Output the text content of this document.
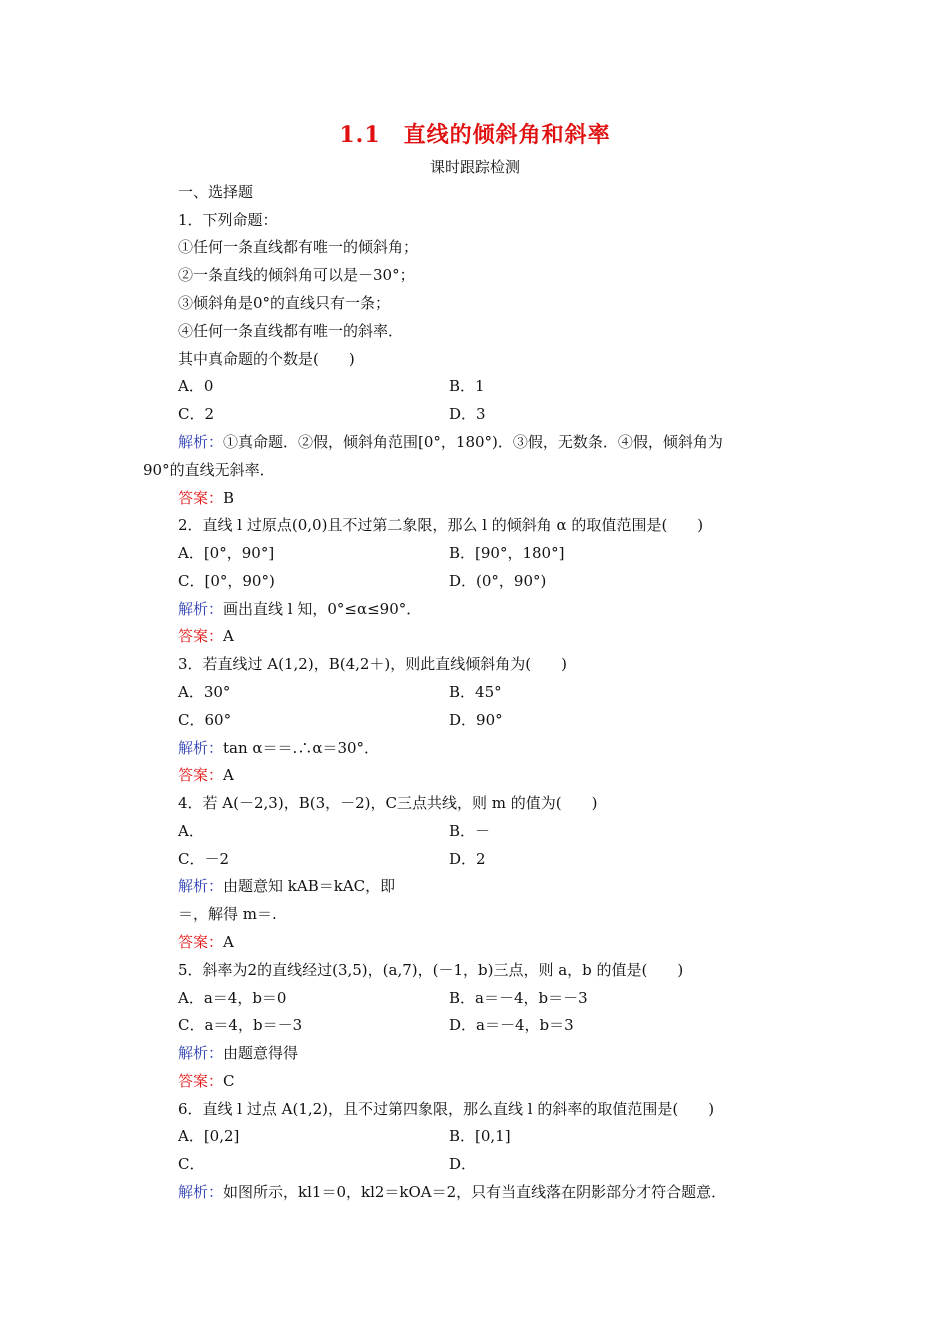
1.1　直线的倾斜角和斜率
课时跟踪检测
一、选择题
1．下列命题：
①任何一条直线都有唯一的倾斜角；
②一条直线的倾斜角可以是－30°；
③倾斜角是0°的直线只有一条；
④任何一条直线都有唯一的斜率．
其中真命题的个数是(　　)
A．0	B．1
C．2	D．3
解析：①真命题．②假，倾斜角范围[0°，180°)．③假，无数条．④假，倾斜角为
90°的直线无斜率．
答案：B
2．直线 l 过原点(0,0)且不过第二象限，那么 l 的倾斜角 α 的取值范围是(　　)
A．[0°，90°]	B．[90°，180°]
C．[0°，90°)	D．(0°，90°)
解析：画出直线 l 知，0°≤α≤90°．
答案：A
3．若直线过 A(1,2)，B(4,2＋)，则此直线倾斜角为(　　)
A．30°	B．45°
C．60°	D．90°
解析：tan α＝＝.∴α＝30°．
答案：A
4．若 A(－2,3)，B(3，－2)，C三点共线，则 m 的值为(　　)
A．	B．－
C．－2	D．2
解析：由题意知 kAB＝kAC，即
＝，解得 m＝.
答案：A
5．斜率为2的直线经过(3,5)，(a,7)，(－1，b)三点，则 a，b 的值是(　　)
A．a＝4，b＝0	B．a＝－4，b＝－3
C．a＝4，b＝－3	D．a＝－4，b＝3
解析：由题意得得
答案：C
6．直线 l 过点 A(1,2)，且不过第四象限，那么直线 l 的斜率的取值范围是(　　)
A．[0,2]	B．[0,1]
C．	D．
解析：如图所示，kl1＝0，kl2＝kOA＝2，只有当直线落在阴影部分才符合题意．
